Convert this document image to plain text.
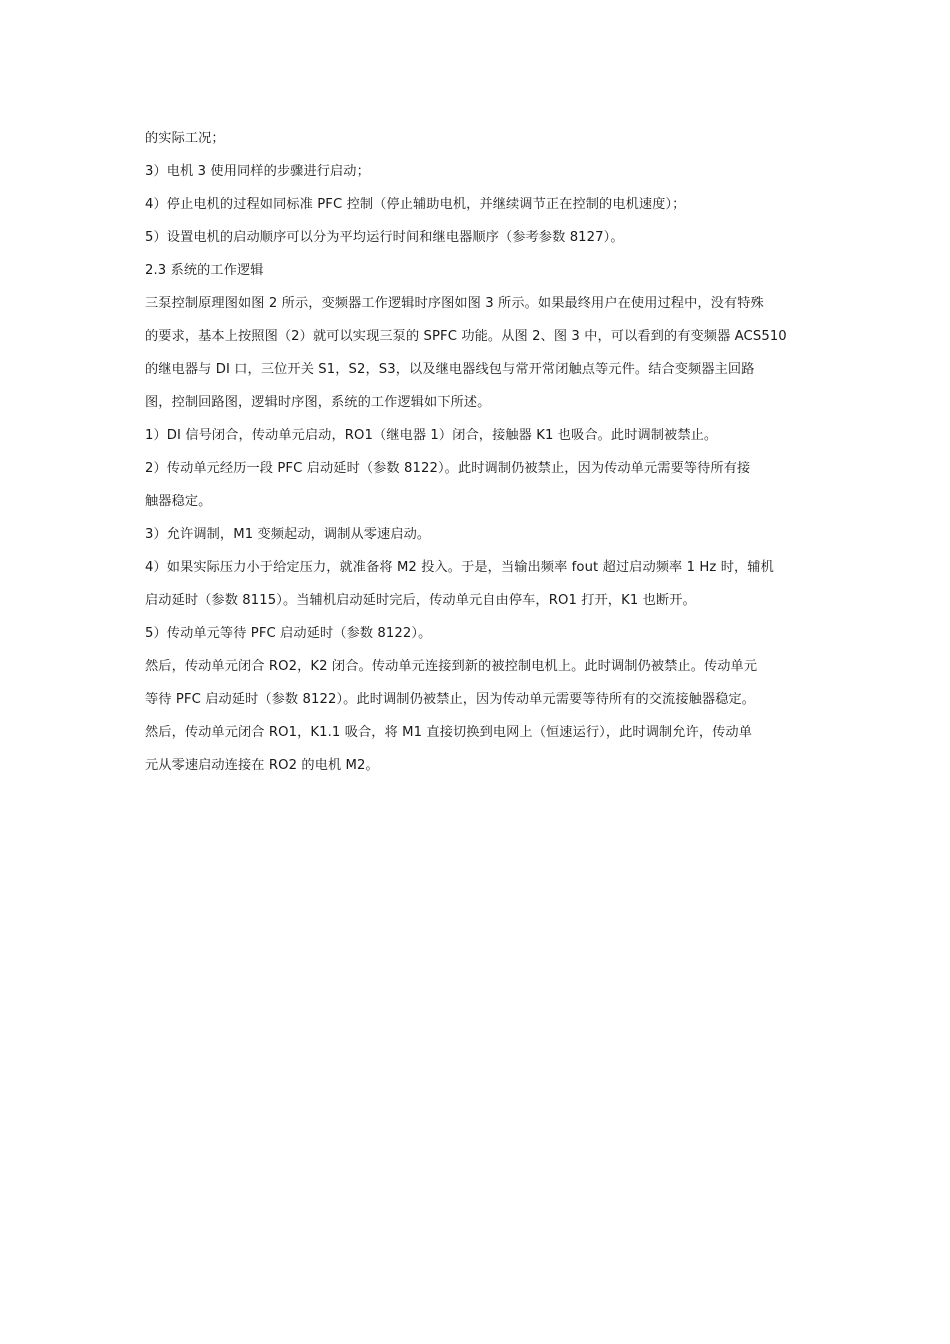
的实际工况；
3）电机 3 使用同样的步骤进行启动；
4）停止电机的过程如同标准 PFC 控制（停止辅助电机，并继续调节正在控制的电机速度）；
5）设置电机的启动顺序可以分为平均运行时间和继电器顺序（参考参数 8127）。
2.3 系统的工作逻辑
三泵控制原理图如图 2 所示，变频器工作逻辑时序图如图 3 所示。如果最终用户在使用过程中，没有特殊
的要求，基本上按照图（2）就可以实现三泵的 SPFC 功能。从图 2、图 3 中，可以看到的有变频器 ACS510
的继电器与 DI 口，三位开关 S1，S2，S3，以及继电器线包与常开常闭触点等元件。结合变频器主回路
图，控制回路图，逻辑时序图，系统的工作逻辑如下所述。
1）DI 信号闭合，传动单元启动，RO1（继电器 1）闭合，接触器 K1 也吸合。此时调制被禁止。
2）传动单元经历一段 PFC 启动延时（参数 8122）。此时调制仍被禁止，因为传动单元需要等待所有接
触器稳定。
3）允许调制，M1 变频起动，调制从零速启动。
4）如果实际压力小于给定压力，就准备将 M2 投入。于是，当输出频率 fout 超过启动频率 1 Hz 时，辅机
启动延时（参数 8115）。当辅机启动延时完后，传动单元自由停车，RO1 打开，K1 也断开。
5）传动单元等待 PFC 启动延时（参数 8122）。
然后，传动单元闭合 RO2，K2 闭合。传动单元连接到新的被控制电机上。此时调制仍被禁止。传动单元
等待 PFC 启动延时（参数 8122）。此时调制仍被禁止，因为传动单元需要等待所有的交流接触器稳定。
然后，传动单元闭合 RO1，K1.1 吸合，将 M1 直接切换到电网上（恒速运行），此时调制允许，传动单
元从零速启动连接在 RO2 的电机 M2。
